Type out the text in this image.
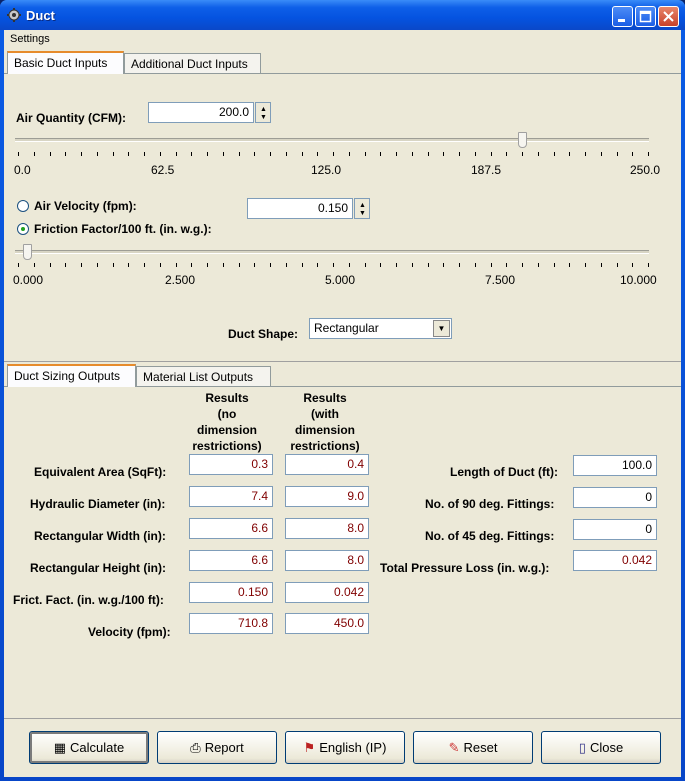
Duct
Settings
Basic Duct Inputs	Additional Duct Inputs
Air Quantity (CFM):	200.0	▲
▼
0.0	62.5	125.0	187.5	250.0
Air Velocity (fpm):
Friction Factor/100 ft. (in. w.g.):
0.150	▲
▼
0.000	2.500	5.000	7.500	10.000
Duct Shape:	Rectangular	▼
Duct Sizing Outputs	Material List Outputs
Results
(no
dimension
restrictions)
Results
(with
dimension
restrictions)
Equivalent Area (SqFt):
0.3	0.4
Hydraulic Diameter (in):
7.4	9.0
Rectangular Width (in):
6.6	8.0
Rectangular Height (in):
6.6	8.0
Frict. Fact. (in. w.g./100 ft):
0.150	0.042
Velocity (fpm):
710.8	450.0
Length of Duct (ft):	100.0
No. of 90 deg. Fittings:	0
No. of 45 deg. Fittings:	0
Total Pressure Loss (in. w.g.):
0.042
▦ Calculate	⎙ Report	⚑ English (IP)	✎ Reset	▯ Close
